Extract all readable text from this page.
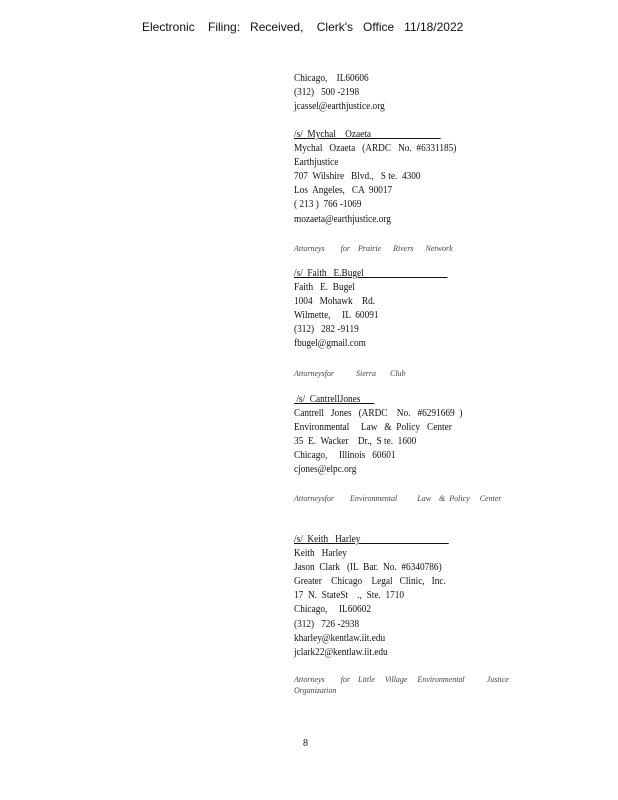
Electronic    Filing:   Received,    Clerk's   Office   11/18/2022
Chicago,    IL60606
(312)   500 -2198
jcassel@earthjustice.org
/s/  Mychal    Ozaeta
Mychal   Ozaeta   (ARDC   No.  #6331185)
Earthjustice
707  Wilshire   Blvd.,   S te.  4300
Los  Angeles,   CA  90017
( 213 )  766 -1069
mozaeta@earthjustice.org
Attorneys        for    Prairie      Rivers      Network
/s/  Faith   E.Bugel
Faith   E.  Bugel
1004   Mohawk    Rd.
Wilmette,     IL  60091
(312)   282 -9119
fbugel@gmail.com
Attorneysfor           Sierra       Club
/s/  CantrellJones
Cantrell   Jones   (ARDC    No.   #6291669  )
Environmental     Law   &  Policy   Center
35  E.  Wacker    Dr.,  S te.  1600
Chicago,     Illinois   60601
cjones@elpc.org
Attorneysfor        Environmental          Law    &  Policy     Center
/s/  Keith   Harley
Keith   Harley
Jason  Clark   (IL  Bar.  No.  #6340786)
Greater    Chicago    Legal   Clinic,   Inc.
17  N.  StateSt    .,  Ste.  1710
Chicago,     IL60602
(312)   726 -2938
kharley@kentlaw.iit.edu
jclark22@kentlaw.iit.edu
Attorneys        for    Little     Village     Environmental           Justice
Organization
8
